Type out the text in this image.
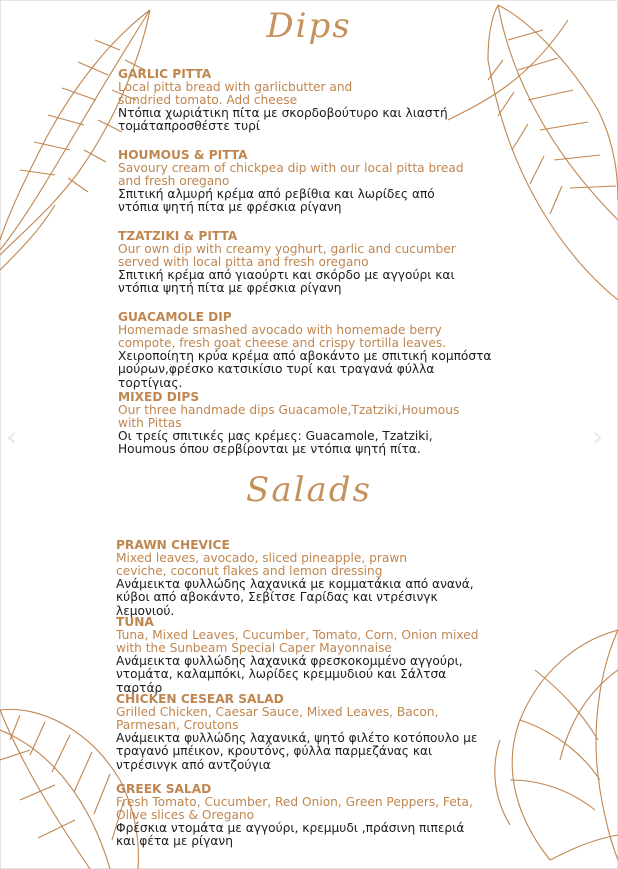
‹	›
Dips

GARLIC PITTA

Local pitta bread with garlicbutter and sundried tomato. Add cheese

Ντόπια χωριάτικη πίτα με σκορδοβούτυρο και λιαστή τομάταπροσθέστε τυρί

HOUMOUS & PITTA

Savoury cream of chickpea dip with our local pitta bread and fresh oregano

Σπιτική αλμυρή κρέμα από ρεβίθια και λωρίδες από ντόπια ψητή πίτα με φρέσκια ρίγανη

TZATZIKI & PITTA

Our own dip with creamy yoghurt, garlic and cucumber served with local pitta and fresh oregano

Σπιτική κρέμα από γιαούρτι και σκόρδο με αγγούρι και ντόπια ψητή πίτα με φρέσκια ρίγανη

GUACAMOLE DIP

Homemade smashed avocado with homemade berry compote, fresh goat cheese and crispy tortilla leaves.

Χειροποίητη κρύα κρέμα από αβοκάντο με σπιτική κομπόστα μούρων,φρέσκο κατσικίσιο τυρί και τραγανά φύλλα τορτίγιας.

MIXED DIPS

Our three handmade dips Guacamole,Tzatziki,Houmous with Pittas

Οι τρείς σπιτικές μας κρέμες: Guacamole, Tzatziki, Houmous όπου σερβίρονται με ντόπια ψητή πίτα.

Salads

PRAWN CHEVICE

Mixed leaves, avocado, sliced pineapple, prawn ceviche, coconut flakes and lemon dressing

Ανάμεικτα φυλλώδης λαχανικά με κομματάκια από ανανά, κύβοι από αβοκάντο, Σεβίτσε Γαρίδας και ντρέσινγκ λεμονιού.

TUNA

Tuna, Mixed Leaves, Cucumber, Tomato, Corn, Onion mixed with the Sunbeam Special Caper Mayonnaise

Ανάμεικτα φυλλώδης λαχανικά φρεσκοκομμένο αγγούρι, ντομάτα, καλαμπόκι, λωρίδες κρεμμυδιού και Σάλτσα ταρτάρ

CHICKEN CESEAR SALAD

Grilled Chicken, Caesar Sauce, Mixed Leaves, Bacon, Parmesan, Croutons

Ανάμεικτα φυλλώδης λαχανικά, ψητό φιλέτο κοτόπουλο με τραγανό μπέικον, κρουτόνς, φύλλα παρμεζάνας και ντρέσινγκ από αντζούγια

GREEK SALAD

Fresh Tomato, Cucumber, Red Onion, Green Peppers, Feta, Olive slices & Oregano

Φρέσκια ντομάτα με αγγούρι, κρεμμυδι ,πράσινη πιπεριά και φέτα με ρίγανη
